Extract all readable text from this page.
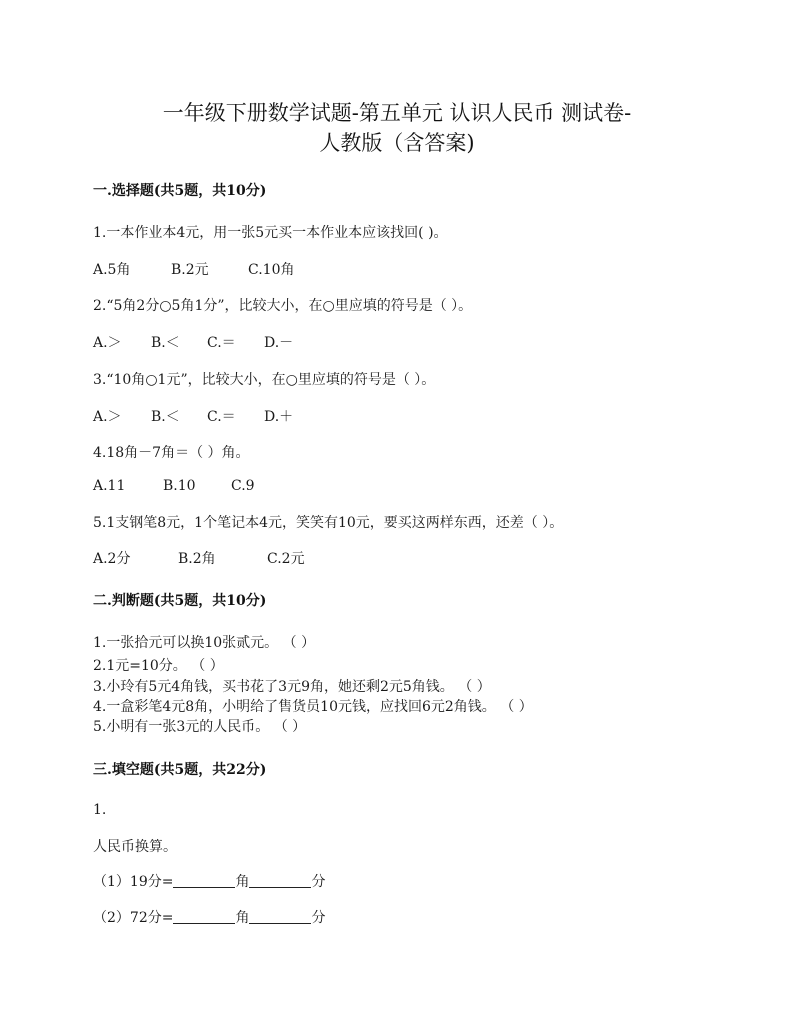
一年级下册数学试题-第五单元 认识人民币 测试卷-
人教版（含答案)
一.选择题(共5题，共10分)
1.一本作业本4元，用一张5元买一本作业本应该找回( )。
A.5角	B.2元	C.10角
2.“5角2分○5角1分”，比较大小，在○里应填的符号是（ ）。
A.＞ B.＜ C.＝ D.－
3.“10角○1元”，比较大小，在○里应填的符号是（ ）。
A.＞ B.＜ C.＝ D.＋
4.18角－7角＝（ ）角。
A.11	B.10	C.9
5.1支钢笔8元，1个笔记本4元，笑笑有10元，要买这两样东西，还差（ ）。
A.2分	B.2角	C.2元
二.判断题(共5题，共10分)
1.一张拾元可以换10张贰元。 （ ）
2.1元=10分。 （ ）
3.小玲有5元4角钱，买书花了3元9角，她还剩2元5角钱。 （ ）
4.一盒彩笔4元8角，小明给了售货员10元钱，应找回6元2角钱。 （ ）
5.小明有一张3元的人民币。 （ ）
三.填空题(共5题，共22分)
1.
人民币换算。
（1）19分=	角	分
（2）72分=	角	分
